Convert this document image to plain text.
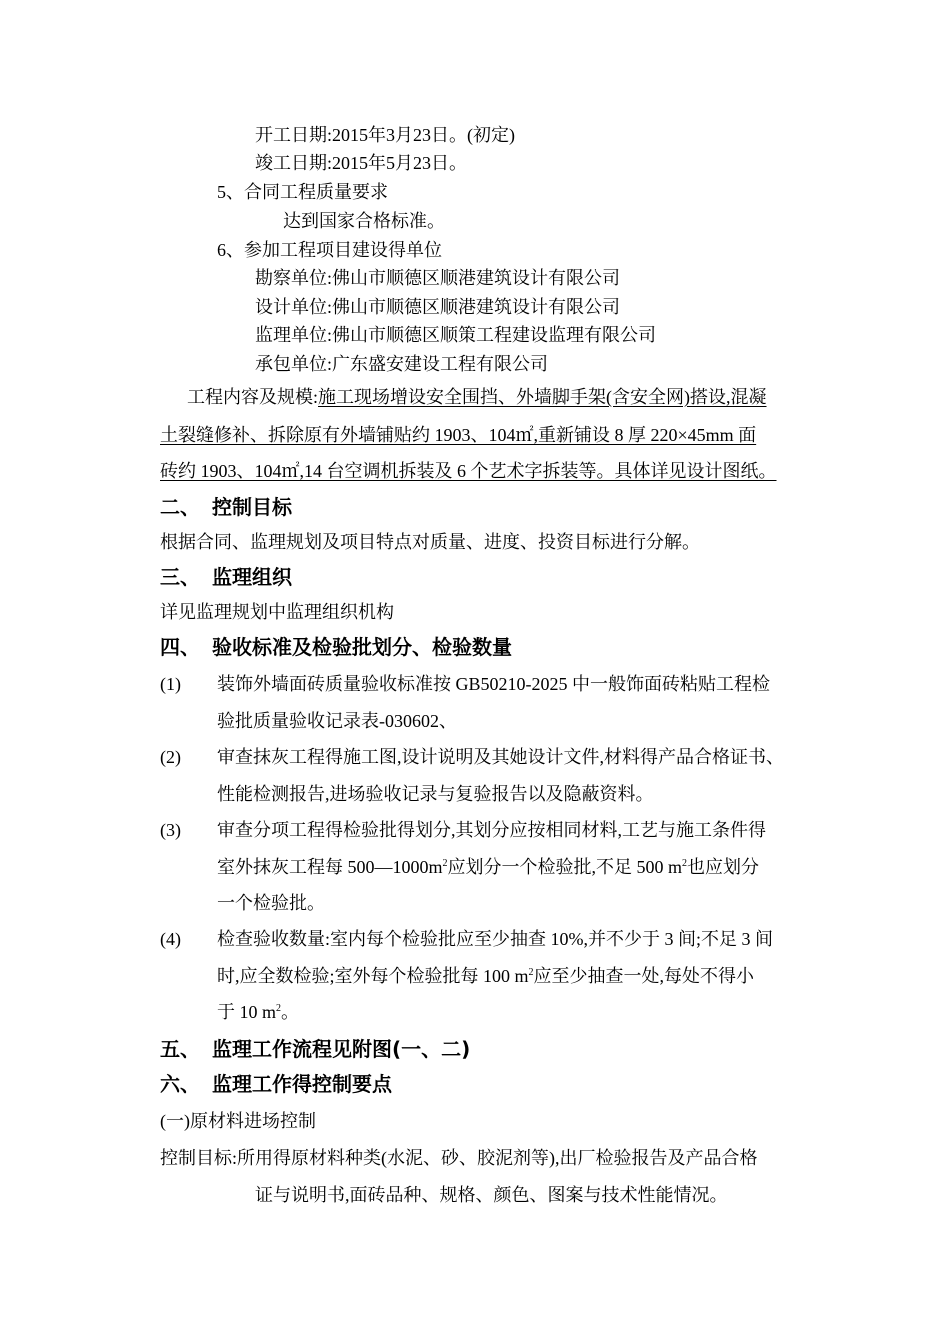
开工日期:2015年3月23日。(初定)
竣工日期:2015年5月23日。
5、合同工程质量要求
达到国家合格标准。
6、参加工程项目建设得单位
勘察单位:佛山市顺德区顺港建筑设计有限公司
设计单位:佛山市顺德区顺港建筑设计有限公司
监理单位:佛山市顺德区顺策工程建设监理有限公司
承包单位:广东盛安建设工程有限公司
工程内容及规模:施工现场增设安全围挡、外墙脚手架(含安全网)搭设,混凝
土裂缝修补、拆除原有外墙铺贴约 1903、104㎡,重新铺设 8 厚 220×45mm 面
砖约 1903、104㎡,14 台空调机拆装及 6 个艺术字拆装等。具体详见设计图纸。
二、 控制目标
根据合同、监理规划及项目特点对质量、进度、投资目标进行分解。
三、 监理组织
详见监理规划中监理组织机构
四、 验收标准及检验批划分、检验数量
(1) 装饰外墙面砖质量验收标准按 GB50210-2025 中一般饰面砖粘贴工程检
验批质量验收记录表-030602、
(2) 审查抹灰工程得施工图,设计说明及其她设计文件,材料得产品合格证书、
性能检测报告,进场验收记录与复验报告以及隐蔽资料。
(3) 审查分项工程得检验批得划分,其划分应按相同材料,工艺与施工条件得
室外抹灰工程每 $500—1000m^2$应划分一个检验批,不足 500 $m^2$也应划分
一个检验批。
(4) 检查验收数量:室内每个检验批应至少抽查 10%,并不少于 3 间;不足 3 间
时,应全数检验;室外每个检验批每 100 $m^2$应至少抽查一处,每处不得小
于 10 $m^2$。
五、 监理工作流程见附图(一、二)
六、 监理工作得控制要点
(一)原材料进场控制
控制目标:所用得原材料种类(水泥、砂、胶泥剂等),出厂检验报告及产品合格
证与说明书,面砖品种、规格、颜色、图案与技术性能情况。
